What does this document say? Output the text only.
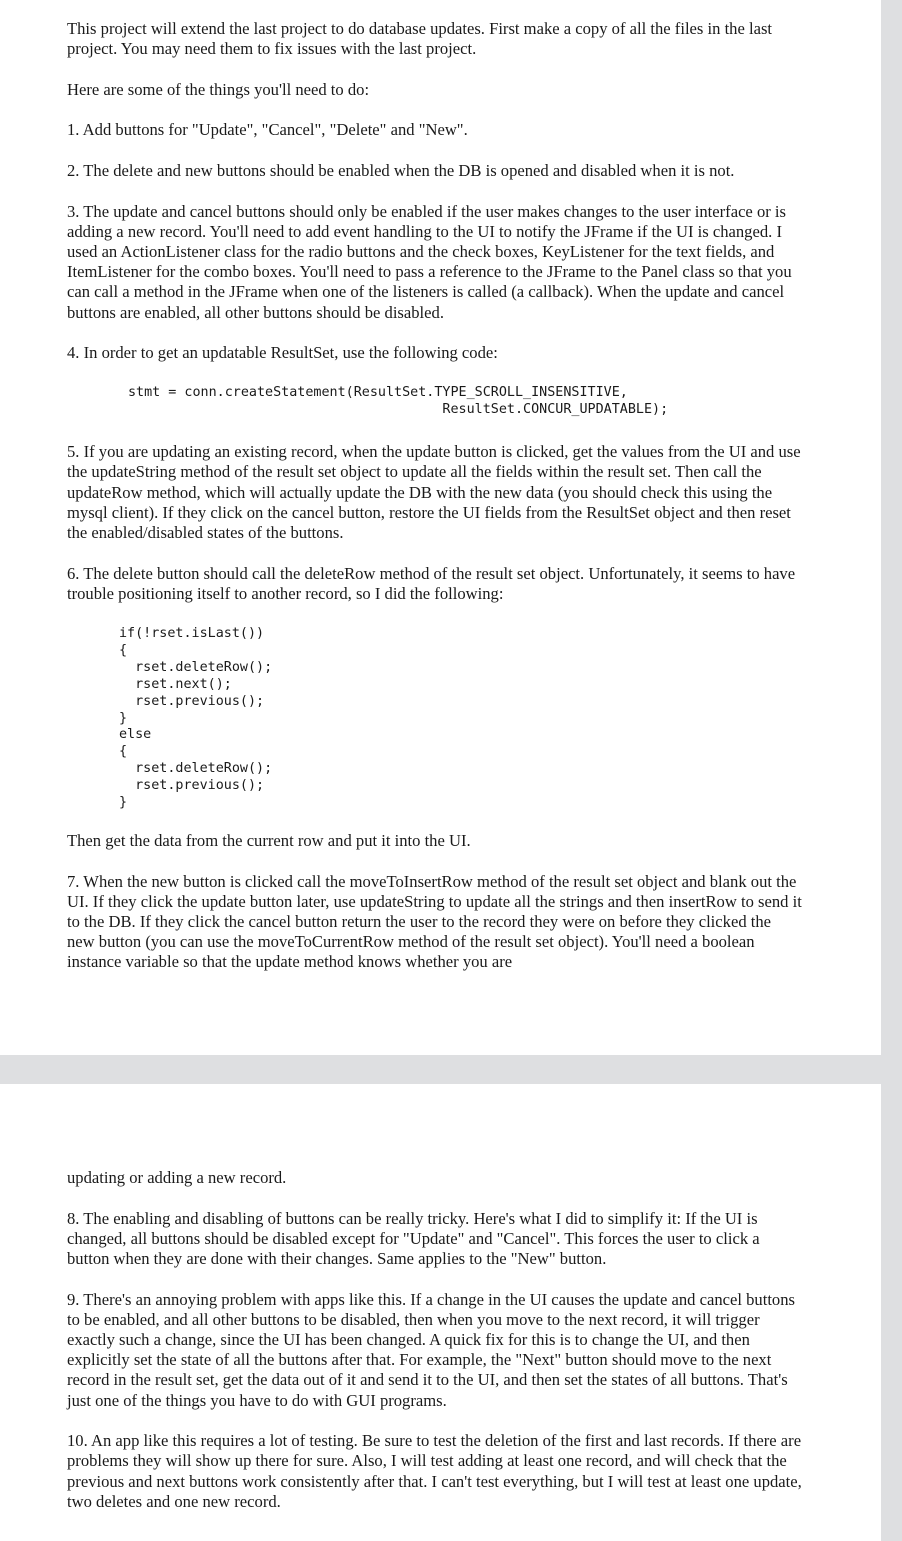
This project will extend the last project to do database updates. First make a copy of all the files in the last project. You may need them to fix issues with the last project.

Here are some of the things you'll need to do:

1. Add buttons for "Update", "Cancel", "Delete" and "New".

2. The delete and new buttons should be enabled when the DB is opened and disabled when it is not.

3. The update and cancel buttons should only be enabled if the user makes changes to the user interface or is adding a new record. You'll need to add event handling to the UI to notify the JFrame if the UI is changed. I used an ActionListener class for the radio buttons and the check boxes, KeyListener for the text fields, and ItemListener for the combo boxes. You'll need to pass a reference to the JFrame to the Panel class so that you can call a method in the JFrame when one of the listeners is called (a callback). When the update and cancel buttons are enabled, all other buttons should be disabled.

4. In order to get an updatable ResultSet, use the following code:

stmt = conn.createStatement(ResultSet.TYPE_SCROLL_INSENSITIVE,
ResultSet.CONCUR_UPDATABLE);

5. If you are updating an existing record, when the update button is clicked, get the values from the UI and use the updateString method of the result set object to update all the fields within the result set. Then call the updateRow method, which will actually update the DB with the new data (you should check this using the mysql client). If they click on the cancel button, restore the UI fields from the ResultSet object and then reset the enabled/disabled states of the buttons.

6. The delete button should call the deleteRow method of the result set object. Unfortunately, it seems to have trouble positioning itself to another record, so I did the following:

if(!rset.isLast())
{
rset.deleteRow();
rset.next();
rset.previous();
}
else
{
rset.deleteRow();
rset.previous();
}

Then get the data from the current row and put it into the UI.

7. When the new button is clicked call the moveToInsertRow method of the result set object and blank out the UI. If they click the update button later, use updateString to update all the strings and then insertRow to send it to the DB. If they click the cancel button return the user to the record they were on before they clicked the new button (you can use the moveToCurrentRow method of the result set object). You'll need a boolean instance variable so that the update method knows whether you are

updating or adding a new record.

8. The enabling and disabling of buttons can be really tricky. Here's what I did to simplify it: If the UI is changed, all buttons should be disabled except for "Update" and "Cancel". This forces the user to click a button when they are done with their changes. Same applies to the "New" button.

9. There's an annoying problem with apps like this. If a change in the UI causes the update and cancel buttons to be enabled, and all other buttons to be disabled, then when you move to the next record, it will trigger exactly such a change, since the UI has been changed. A quick fix for this is to change the UI, and then explicitly set the state of all the buttons after that. For example, the "Next" button should move to the next record in the result set, get the data out of it and send it to the UI, and then set the states of all buttons. That's just one of the things you have to do with GUI programs.

10. An app like this requires a lot of testing. Be sure to test the deletion of the first and last records. If there are problems they will show up there for sure. Also, I will test adding at least one record, and will check that the previous and next buttons work consistently after that. I can't test everything, but I will test at least one update, two deletes and one new record.
